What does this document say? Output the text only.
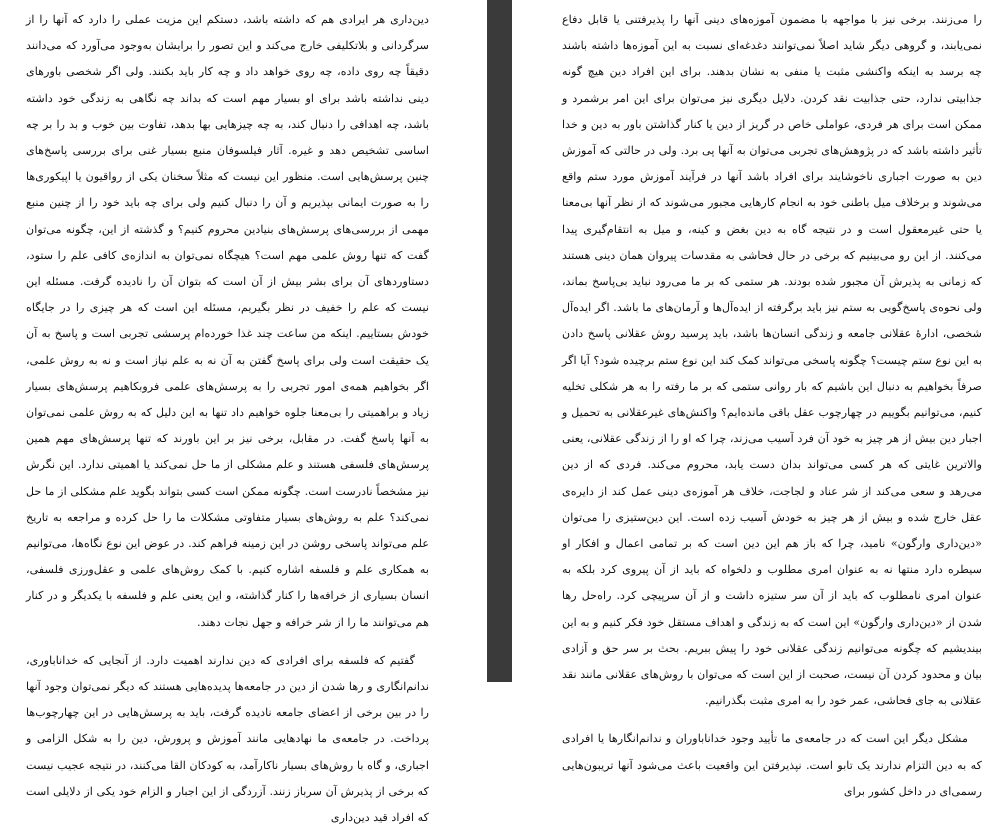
دین‌داری هر ایرادی هم که داشته باشد، دستکم این مزیت عملی را دارد که آنها را از سرگردانی و بلاتکلیفی خارج می‌کند و این تصور را برایشان به‌وجود می‌آورد که می‌دانند دقیقاً چه روی داده، چه روی خواهد داد و چه کار باید بکنند. ولی اگر شخصی باورهای دینی نداشته باشد برای او بسیار مهم است که بداند چه نگاهی به زندگی خود داشته باشد، چه اهدافی را دنبال کند، به چه چیزهایی بها بدهد، تفاوت بین خوب و بد را بر چه اساسی تشخیص دهد و غیره. آثار فیلسوفان منبع بسیار غنی برای بررسی پاسخ‌های چنین پرسش‌هایی است. منظور این نیست که مثلاً سخنان یکی از رواقیون یا اپیکوری‌ها را به صورت ایمانی بپذیریم و آن را دنبال کنیم ولی برای چه باید خود را از چنین منبع مهمی از بررسی‌های پرسش‌های بنیادین محروم کنیم؟ و گذشته از این، چگونه می‌توان گفت که تنها روش علمی مهم است؟ هیچگاه نمی‌توان به اندازه‌ی کافی علم را ستود، دستاوردهای آن برای بشر بیش از آن است که بتوان آن را نادیده گرفت. مسئله این نیست که علم را خفیف در نظر بگیریم، مسئله این است که هر چیزی را در جایگاه خودش بستاییم. اینکه من ساعت چند غذا خورده‌ام پرسشی تجربی است و پاسخ به آن یک حقیقت است ولی برای پاسخ گفتن به آن نه به علم نیاز است و نه به روش علمی، اگر بخواهیم همه‌ی امور تجربی را به پرسش‌های علمی فروبکاهیم پرسش‌های بسیار زیاد و براهمیتی را بی‌معنا جلوه خواهیم داد تنها به این دلیل که به روش علمی نمی‌توان به آنها پاسخ گفت. در مقابل، برخی نیز بر این باورند که تنها پرسش‌های مهم همین پرسش‌های فلسفی هستند و علم مشکلی از ما حل نمی‌کند یا اهمیتی ندارد. این نگرش نیز مشخصاً نادرست است. چگونه ممکن است کسی بتواند بگوید علم مشکلی از ما حل نمی‌کند؟ علم به روش‌های بسیار متفاوتی مشکلات ما را حل کرده و مراجعه به تاریخ علم می‌تواند پاسخی روشن در این زمینه فراهم کند. در عوض این نوع نگاه‌ها، می‌توانیم به همکاری علم و فلسفه اشاره کنیم. با کمک روش‌های علمی و عقل‌ورزی فلسفی، انسان بسیاری از خرافه‌ها را کنار گذاشته، و این یعنی علم و فلسفه با یکدیگر و در کنار هم می‌توانند ما را از شر خرافه و جهل نجات دهند.

گفتیم که فلسفه برای افرادی که دین ندارند اهمیت دارد. از آنجایی که خداناباوری، ندانم‌انگاری و رها شدن از دین در جامعه‌ها پدیده‌هایی هستند که دیگر نمی‌توان وجود آنها را در بین برخی از اعضای جامعه نادیده گرفت، باید به پرسش‌هایی در این چهارچوب‌ها پرداخت. در جامعه‌ی ما نهادهایی مانند آموزش و پرورش، دین را به شکل الزامی و اجباری، و گاه با روش‌های بسیار ناکارآمد، به کودکان القا می‌کنند، در نتیجه عجیب نیست که برخی از پذیرش آن سرباز زنند. آزردگی از این اجبار و الزام خود یکی از دلایلی است که افراد قید دین‌داری

را می‌زنند. برخی نیز با مواجهه با مضمون آموزه‌های دینی آنها را پذیرفتنی یا قابل دفاع نمی‌یابند، و گروهی دیگر شاید اصلاً نمی‌توانند دغدغه‌ای نسبت به این آموزه‌ها داشته باشند چه برسد به اینکه واکنشی مثبت یا منفی به نشان بدهند. برای این افراد دین هیچ گونه جذابیتی ندارد، حتی جذابیت نقد کردن. دلایل دیگری نیز می‌توان برای این امر برشمرد و ممکن است برای هر فردی، عواملی خاص در گریز از دین یا کنار گذاشتن باور به دین و خدا تأثیر داشته باشد که در پژوهش‌های تجربی می‌توان به آنها پی برد. ولی در حالتی که آموزش دین به صورت اجباری ناخوشایند برای افراد باشد آنها در فرآیند آموزش مورد ستم واقع می‌شوند و برخلاف میل باطنی خود به انجام کارهایی مجبور می‌شوند که از نظر آنها بی‌معنا یا حتی غیرمعقول است و در نتیجه گاه به دین بغض و کینه، و میل به انتقام‌گیری پیدا می‌کنند. از این رو می‌بینیم که برخی در حال فحاشی به مقدسات پیروان همان دینی هستند که زمانی به پذیرش آن مجبور شده بودند. هر ستمی که بر ما می‌رود نباید بی‌پاسخ بماند، ولی نحوه‌ی پاسخ‌گویی به ستم نیز باید برگرفته از ایده‌آل‌ها و آرمان‌های ما باشد. اگر ایده‌آل شخصی، ادارهٔ عقلانی جامعه و زندگی انسان‌ها باشد، باید پرسید روش عقلانی پاسخ دادن به این نوع ستم چیست؟ چگونه پاسخی می‌تواند کمک کند این نوع ستم برچیده شود؟ آیا اگر صرفاً بخواهیم به دنبال این باشیم که بار روانی ستمی که بر ما رفته را به هر شکلی تخلیه کنیم، می‌توانیم بگوییم در چهارچوب عقل باقی مانده‌ایم؟ واکنش‌های غیرعقلانی به تحمیل و اجبار دین بیش از هر چیز به خود آن فرد آسیب می‌زند، چرا که او را از زندگی عقلانی، یعنی والاترین غایتی که هر کسی می‌تواند بدان دست یابد، محروم می‌کند. فردی که از دین می‌رهد و سعی می‌کند از شر عناد و لجاجت، خلاف هر آموزه‌ی دینی عمل کند از دایره‌ی عقل خارج شده و بیش از هر چیز به خودش آسیب زده است. این دین‌ستیزی را می‌توان «دین‌داری وارگون» نامید، چرا که باز هم این دین است که بر تمامی اعمال و افکار او سیطره دارد منتها نه به عنوان امری مطلوب و دلخواه که باید از آن پیروی کرد بلکه به عنوان امری نامطلوب که باید از آن سر ستیزه داشت و از آن سرپیچی کرد. راه‌حل رها شدن از «دین‌داری وارگون» این است که به زندگی و اهداف مستقل خود فکر کنیم و به این بیندیشیم که چگونه می‌توانیم زندگی عقلانی خود را پیش ببریم. بحث بر سر حق و آزادی بیان و محدود کردن آن نیست، صحبت از این است که می‌توان با روش‌های عقلانی مانند نقد عقلانی به جای فحاشی، عمر خود را به امری مثبت بگذرانیم.

مشکل دیگر این است که در جامعه‌ی ما تأیید وجود خداناباوران و ندانم‌انگارها یا افرادی که به دین التزام ندارند یک تابو است. نپذیرفتن این واقعیت باعث می‌شود آنها تریبون‌هایی رسمی‌ای در داخل کشور برای
